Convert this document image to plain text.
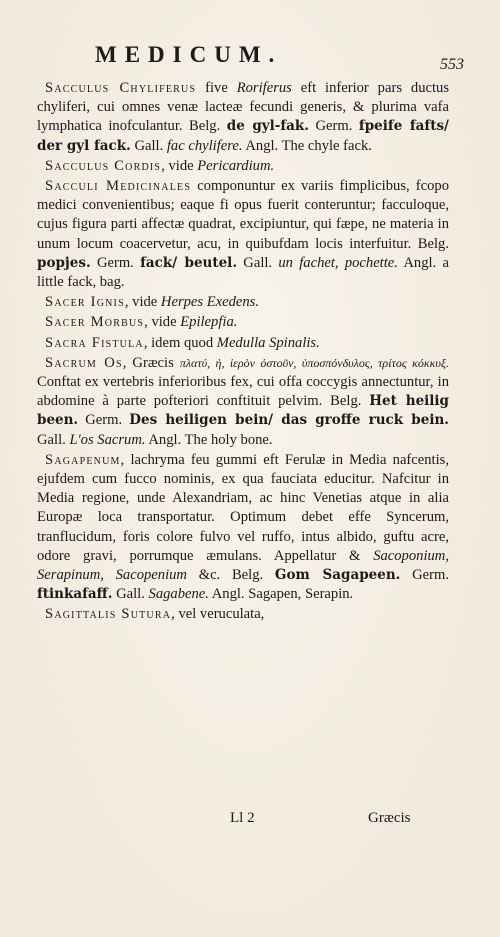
MEDICUM.	553

Sacculus Chyliferus five Roriferus eft inferior pars ductus chyliferi, cui omnes venæ lacteæ fecundi generis, & plurima vafa lymphatica inofculantur. Belg. de gyl-fak. Germ. fpeife fafts/ der gyl fack. Gall. fac chylifere. Angl. The chyle fack.

Sacculus Cordis, vide Pericardium.

Sacculi Medicinales componuntur ex variis fimplicibus, fcopo medici convenientibus; eaque fi opus fuerit conteruntur; facculoque, cujus figura parti affectæ quadrat, excipiuntur, qui fæpe, ne materia in unum locum coacervetur, acu, in quibufdam locis interfuitur. Belg. popjes. Germ. fack/ beutel. Gall. un fachet, pochette. Angl. a little fack, bag.

Sacer Ignis, vide Herpes Exedens.

Sacer Morbus, vide Epilepfia.

Sacra Fistula, idem quod Medulla Spinalis.

Sacrum Os, Græcis πλατύ, ἡ, ἱερὸν ὀστοῦν, ὑποσπόνδυλος, τρίτος κόκκυξ. Conftat ex vertebris inferioribus fex, cui offa coccygis annectuntur, in abdomine à parte pofteriori conftituit pelvim. Belg. Het heilig been. Germ. Des heiligen bein/ das groffe ruck bein. Gall. L'os Sacrum. Angl. The holy bone.

Sagapenum, lachryma feu gummi eft Ferulæ in Media nafcentis, ejufdem cum fucco nominis, ex qua fauciata educitur. Nafcitur in Media regione, unde Alexandriam, ac hinc Venetias atque in alia Europæ loca transportatur. Optimum debet effe Syncerum, tranflucidum, foris colore fulvo vel ruffo, intus albido, guftu acre, odore gravi, porrumque æmulans. Appellatur & Sacoponium, Serapinum, Sacopenium &c. Belg. Gom Sagapeen. Germ. ftinkafaff. Gall. Sagabene. Angl. Sagapen, Serapin.

Sagittalis Sutura, vel veruculata,

Ll 2	Græcis
